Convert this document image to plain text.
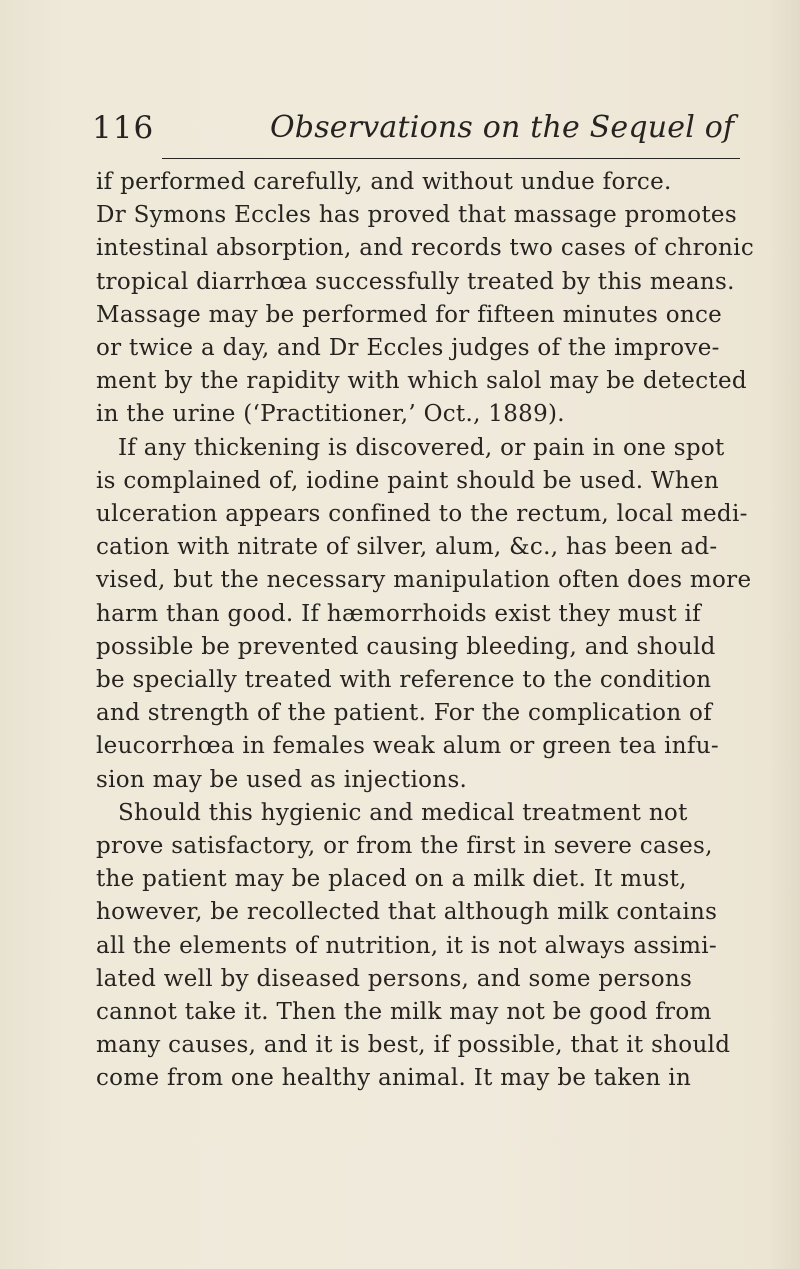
116	Observations on the Sequel of
if performed carefully, and without undue force.
Dr Symons Eccles has proved that massage promotes
intestinal absorption, and records two cases of chronic
tropical diarrhœa successfully treated by this means.
Massage may be performed for fifteen minutes once
or twice a day, and Dr Eccles judges of the improve-
ment by the rapidity with which salol may be detected
in the urine (‘Practitioner,’ Oct., 1889).
If any thickening is discovered, or pain in one spot
is complained of, iodine paint should be used. When
ulceration appears confined to the rectum, local medi-
cation with nitrate of silver, alum, &c., has been ad-
vised, but the necessary manipulation often does more
harm than good. If hæmorrhoids exist they must if
possible be prevented causing bleeding, and should
be specially treated with reference to the condition
and strength of the patient. For the complication of
leucorrhœa in females weak alum or green tea infu-
sion may be used as injections.
Should this hygienic and medical treatment not
prove satisfactory, or from the first in severe cases,
the patient may be placed on a milk diet. It must,
however, be recollected that although milk contains
all the elements of nutrition, it is not always assimi-
lated well by diseased persons, and some persons
cannot take it. Then the milk may not be good from
many causes, and it is best, if possible, that it should
come from one healthy animal. It may be taken in
